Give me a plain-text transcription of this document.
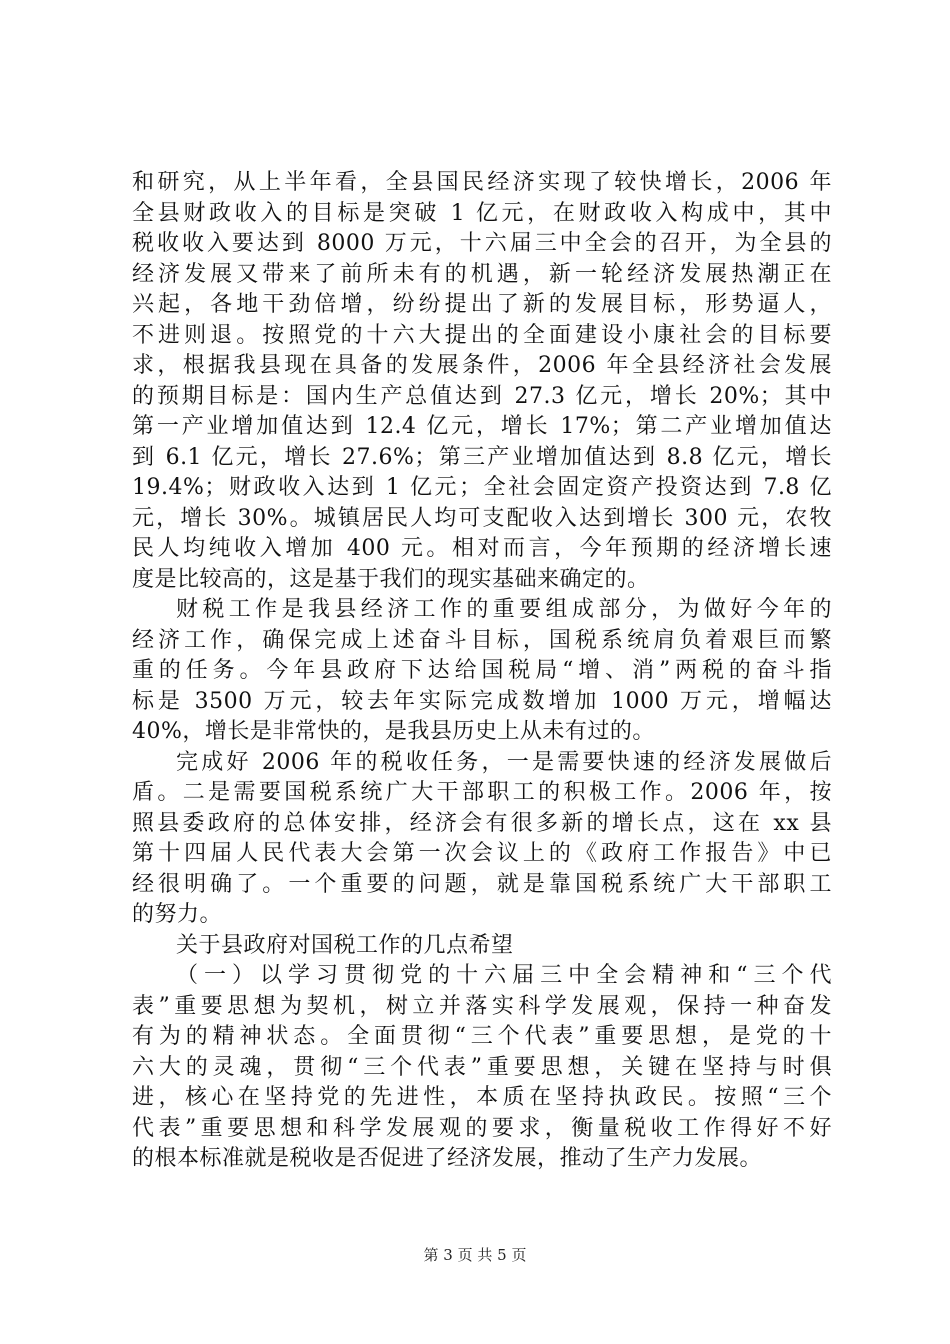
和研究，从上半年看，全县国民经济实现了较快增长，2006 年
全县财政收入的目标是突破 1 亿元，在财政收入构成中，其中
税收收入要达到 8000 万元，十六届三中全会的召开，为全县的
经济发展又带来了前所未有的机遇，新一轮经济发展热潮正在
兴起，各地干劲倍增，纷纷提出了新的发展目标，形势逼人，
不进则退。按照党的十六大提出的全面建设小康社会的目标要
求，根据我县现在具备的发展条件，2006 年全县经济社会发展
的预期目标是：国内生产总值达到 27.3 亿元，增长 20%；其中
第一产业增加值达到 12.4 亿元，增长 17%；第二产业增加值达
到 6.1 亿元，增长 27.6%；第三产业增加值达到 8.8 亿元，增长
19.4%；财政收入达到 1 亿元；全社会固定资产投资达到 7.8 亿
元，增长 30%。城镇居民人均可支配收入达到增长 300 元，农牧
民人均纯收入增加 400 元。相对而言，今年预期的经济增长速
度是比较高的，这是基于我们的现实基础来确定的。
财税工作是我县经济工作的重要组成部分，为做好今年的
经济工作，确保完成上述奋斗目标，国税系统肩负着艰巨而繁
重的任务。今年县政府下达给国税局“增、消”两税的奋斗指
标是 3500 万元，较去年实际完成数增加 1000 万元，增幅达
40%，增长是非常快的，是我县历史上从未有过的。
完成好 2006 年的税收任务，一是需要快速的经济发展做后
盾。二是需要国税系统广大干部职工的积极工作。2006 年，按
照县委政府的总体安排，经济会有很多新的增长点，这在 xx 县
第十四届人民代表大会第一次会议上的《政府工作报告》中已
经很明确了。一个重要的问题，就是靠国税系统广大干部职工
的努力。
关于县政府对国税工作的几点希望
（一）以学习贯彻党的十六届三中全会精神和“三个代
表”重要思想为契机，树立并落实科学发展观，保持一种奋发
有为的精神状态。全面贯彻“三个代表”重要思想，是党的十
六大的灵魂，贯彻“三个代表”重要思想，关键在坚持与时俱
进，核心在坚持党的先进性，本质在坚持执政民。按照“三个
代表”重要思想和科学发展观的要求，衡量税收工作得好不好
的根本标准就是税收是否促进了经济发展，推动了生产力发展。
第 3 页 共 5 页
